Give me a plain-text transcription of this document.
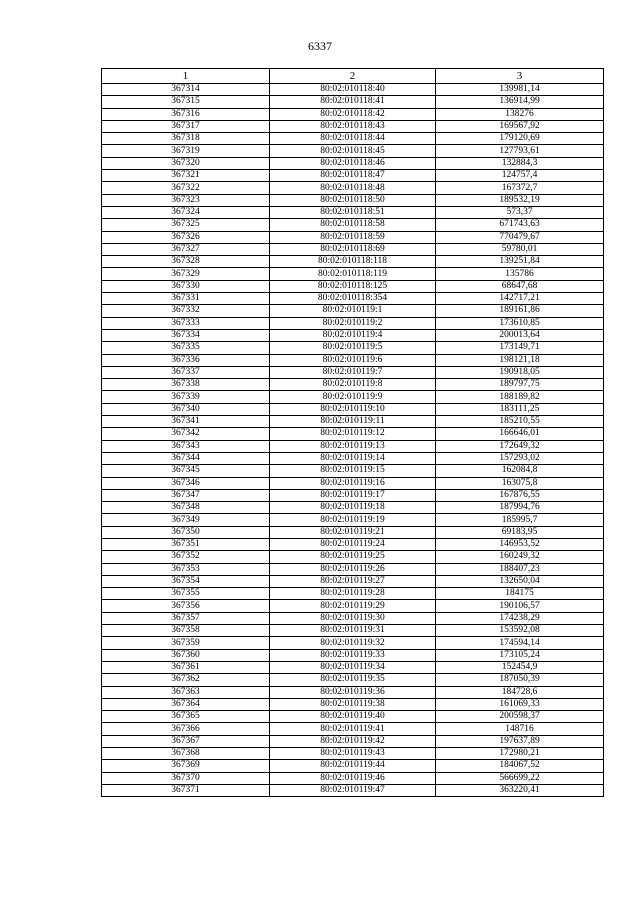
6337
1	2	3
367314	80:02:010118:40	139981,14
367315	80:02:010118:41	136914,99
367316	80:02:010118:42	138276
367317	80:02:010118:43	169567,92
367318	80:02:010118:44	179120,69
367319	80:02:010118:45	127793,61
367320	80:02:010118:46	132884,3
367321	80:02:010118:47	124757,4
367322	80:02:010118:48	167372,7
367323	80:02:010118:50	189532,19
367324	80:02:010118:51	573,37
367325	80:02:010118:58	671743,63
367326	80:02:010118:59	770479,67
367327	80:02:010118:69	59780,01
367328	80:02:010118:118	139251,84
367329	80:02:010118:119	135786
367330	80:02:010118:125	68647,68
367331	80:02:010118:354	142717,21
367332	80:02:010119:1	189161,86
367333	80:02:010119:2	173610,85
367334	80:02:010119:4	200013,64
367335	80:02:010119:5	173149,71
367336	80:02:010119:6	198121,18
367337	80:02:010119:7	190918,05
367338	80:02:010119:8	189797,75
367339	80:02:010119:9	188189,82
367340	80:02:010119:10	183111,25
367341	80:02:010119:11	185210,55
367342	80:02:010119:12	166646,01
367343	80:02:010119:13	172649,32
367344	80:02:010119:14	157293,02
367345	80:02:010119:15	162084,8
367346	80:02:010119:16	163075,8
367347	80:02:010119:17	167876,55
367348	80:02:010119:18	187994,76
367349	80:02:010119:19	185995,7
367350	80:02:010119:21	69183,95
367351	80:02:010119:24	146953,52
367352	80:02:010119:25	160249,32
367353	80:02:010119:26	188407,23
367354	80:02:010119:27	132650,04
367355	80:02:010119:28	184175
367356	80:02:010119:29	190106,57
367357	80:02:010119:30	174238,29
367358	80:02:010119:31	153592,08
367359	80:02:010119:32	174594,14
367360	80:02:010119:33	173105,24
367361	80:02:010119:34	152454,9
367362	80:02:010119:35	187050,39
367363	80:02:010119:36	184728,6
367364	80:02:010119:38	161069,33
367365	80:02:010119:40	200598,37
367366	80:02:010119:41	148716
367367	80:02:010119:42	197637,89
367368	80:02:010119:43	172980,21
367369	80:02:010119:44	184067,52
367370	80:02:010119:46	566699,22
367371	80:02:010119:47	363220,41
